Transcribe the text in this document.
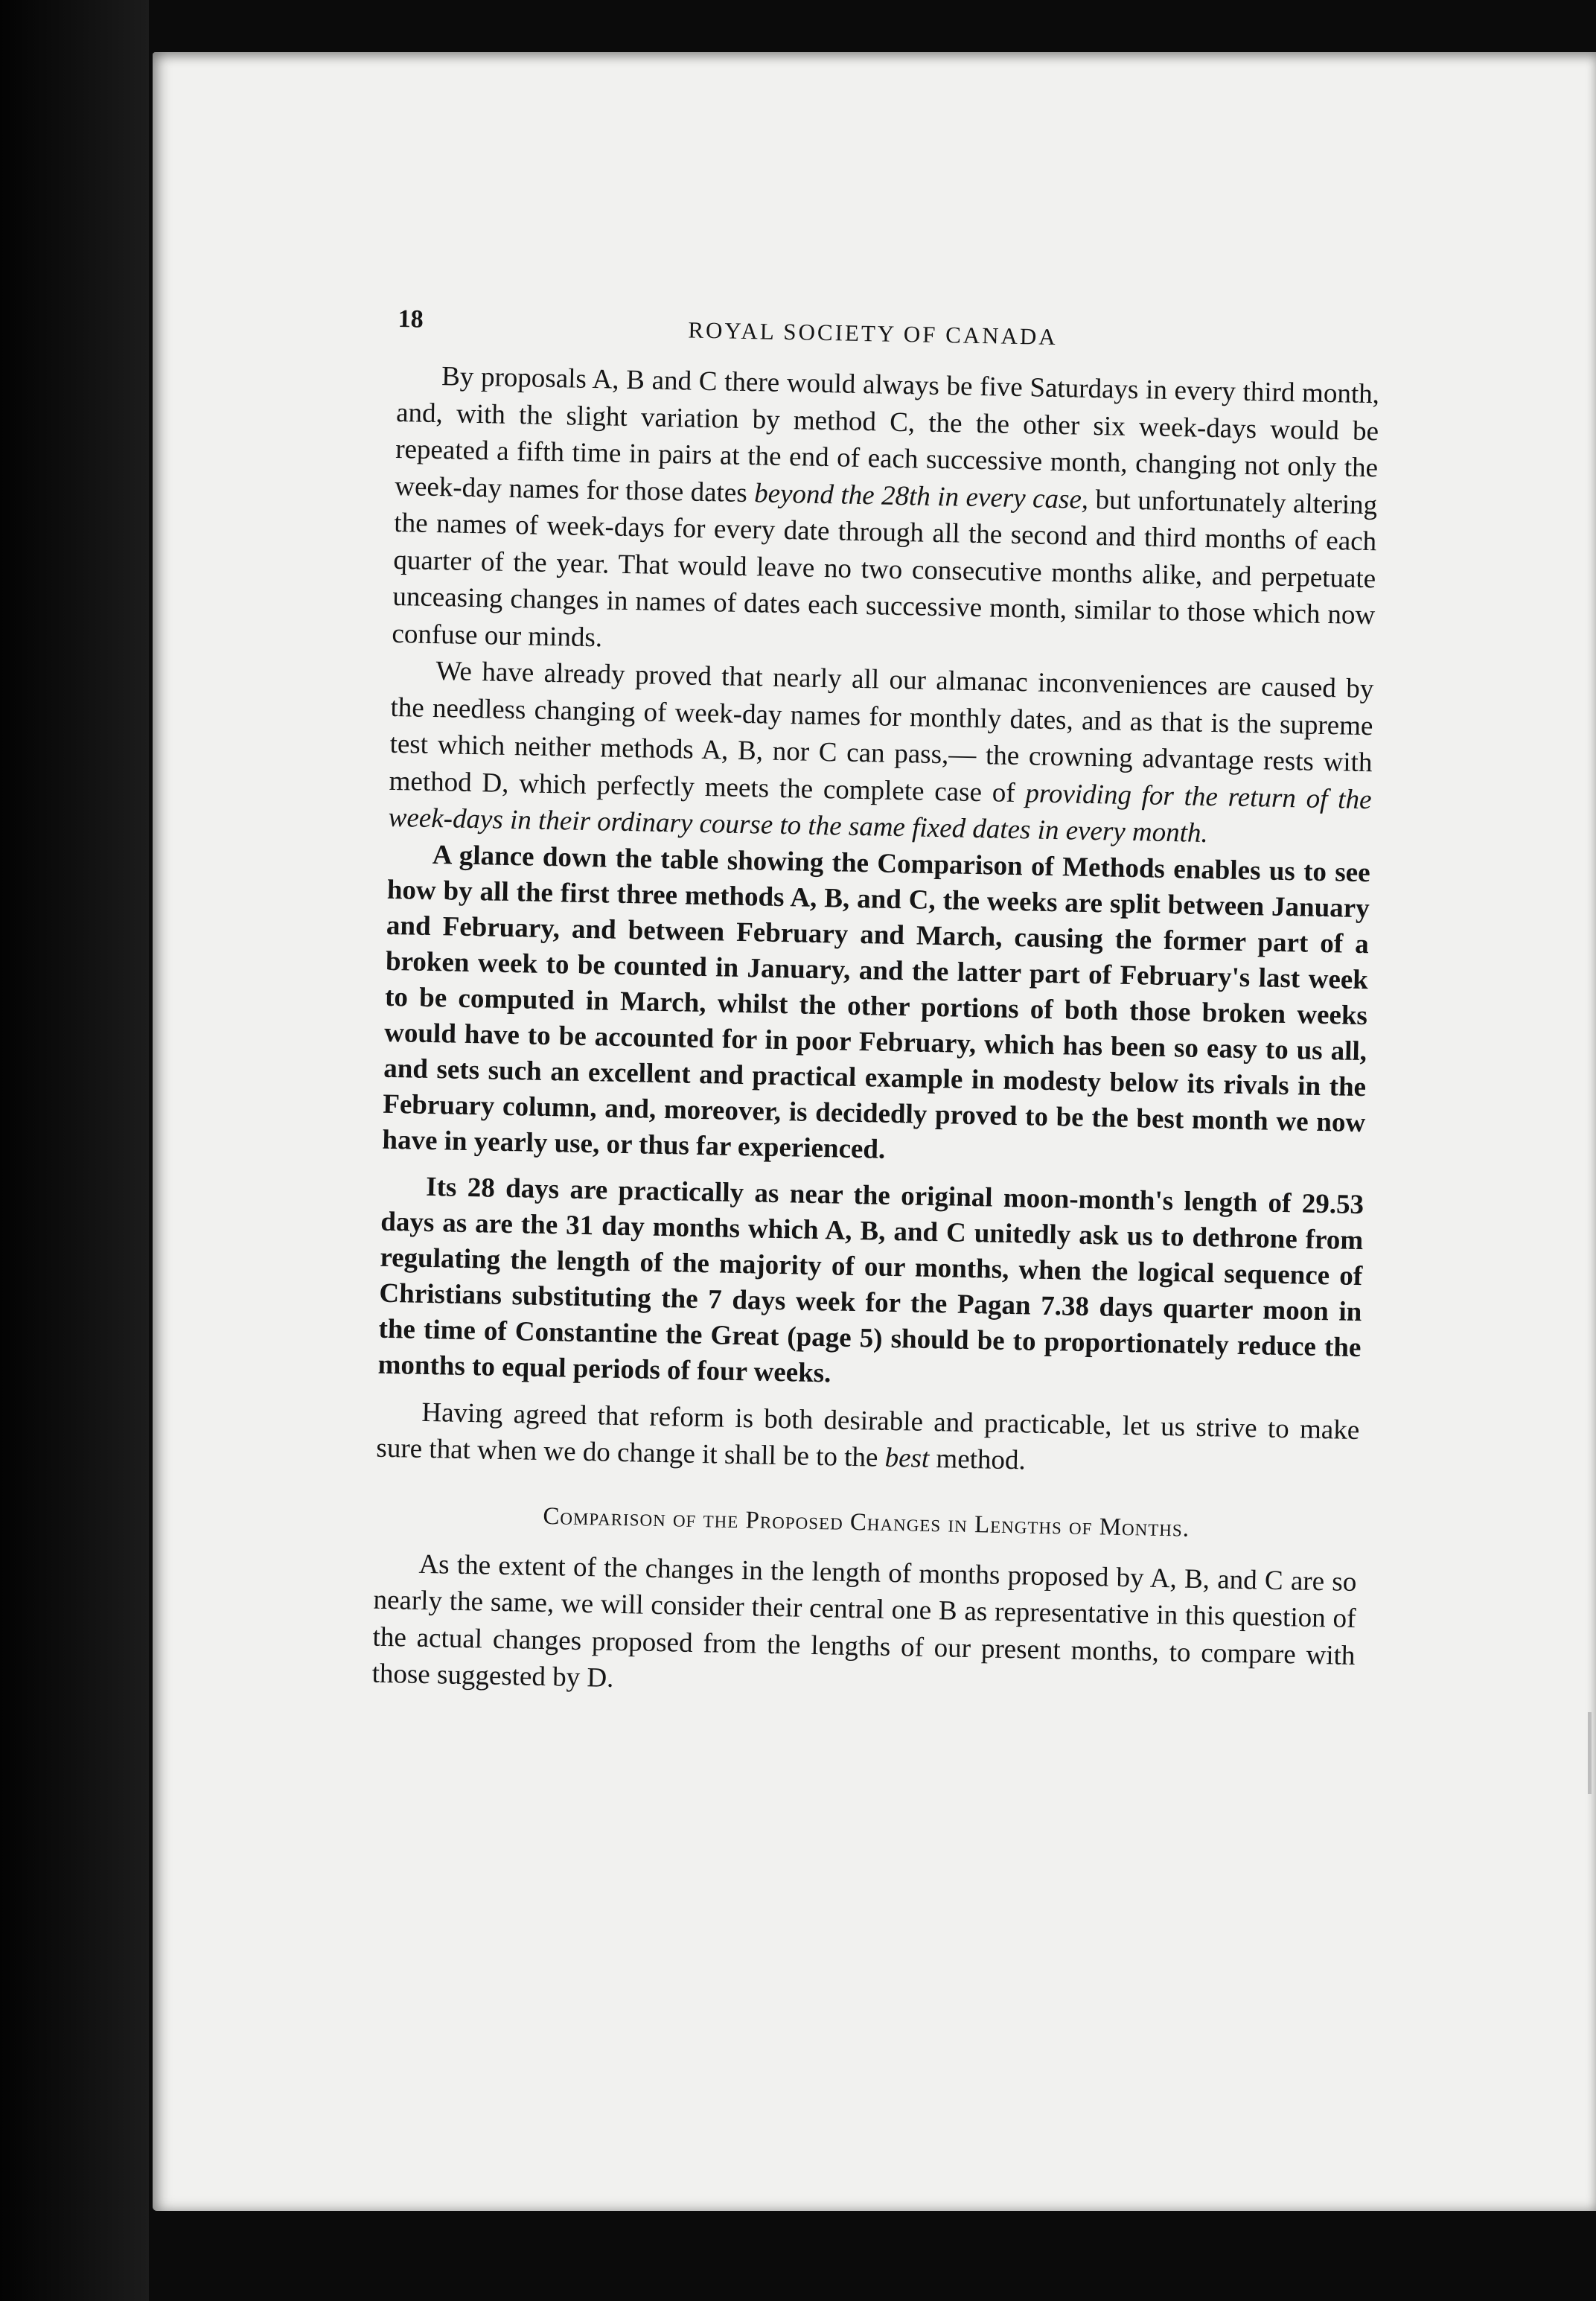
18	ROYAL SOCIETY OF CANADA

By proposals A, B and C there would always be five Saturdays in every third month, and, with the slight variation by method C, the the other six week-days would be repeated a fifth time in pairs at the end of each successive month, changing not only the week-day names for those dates beyond the 28th in every case, but unfortunately altering the names of week-days for every date through all the second and third months of each quarter of the year. That would leave no two consecutive months alike, and perpetuate unceasing changes in names of dates each successive month, similar to those which now confuse our minds.

We have already proved that nearly all our almanac inconveniences are caused by the needless changing of week-day names for monthly dates, and as that is the supreme test which neither methods A, B, nor C can pass,— the crowning advantage rests with method D, which perfectly meets the complete case of providing for the return of the week-days in their ordinary course to the same fixed dates in every month.

A glance down the table showing the Comparison of Methods enables us to see how by all the first three methods A, B, and C, the weeks are split between January and February, and between February and March, causing the former part of a broken week to be counted in January, and the latter part of February's last week to be computed in March, whilst the other portions of both those broken weeks would have to be accounted for in poor February, which has been so easy to us all, and sets such an excellent and practical example in modesty below its rivals in the February column, and, moreover, is decidedly proved to be the best month we now have in yearly use, or thus far experienced.

Its 28 days are practically as near the original moon-month's length of 29.53 days as are the 31 day months which A, B, and C unitedly ask us to dethrone from regulating the length of the majority of our months, when the logical sequence of Christians substituting the 7 days week for the Pagan 7.38 days quarter moon in the time of Constantine the Great (page 5) should be to proportionately reduce the months to equal periods of four weeks.

Having agreed that reform is both desirable and practicable, let us strive to make sure that when we do change it shall be to the best method.

Comparison of the Proposed Changes in Lengths of Months.

As the extent of the changes in the length of months proposed by A, B, and C are so nearly the same, we will consider their central one B as representative in this question of the actual changes proposed from the lengths of our present months, to compare with those suggested by D.
